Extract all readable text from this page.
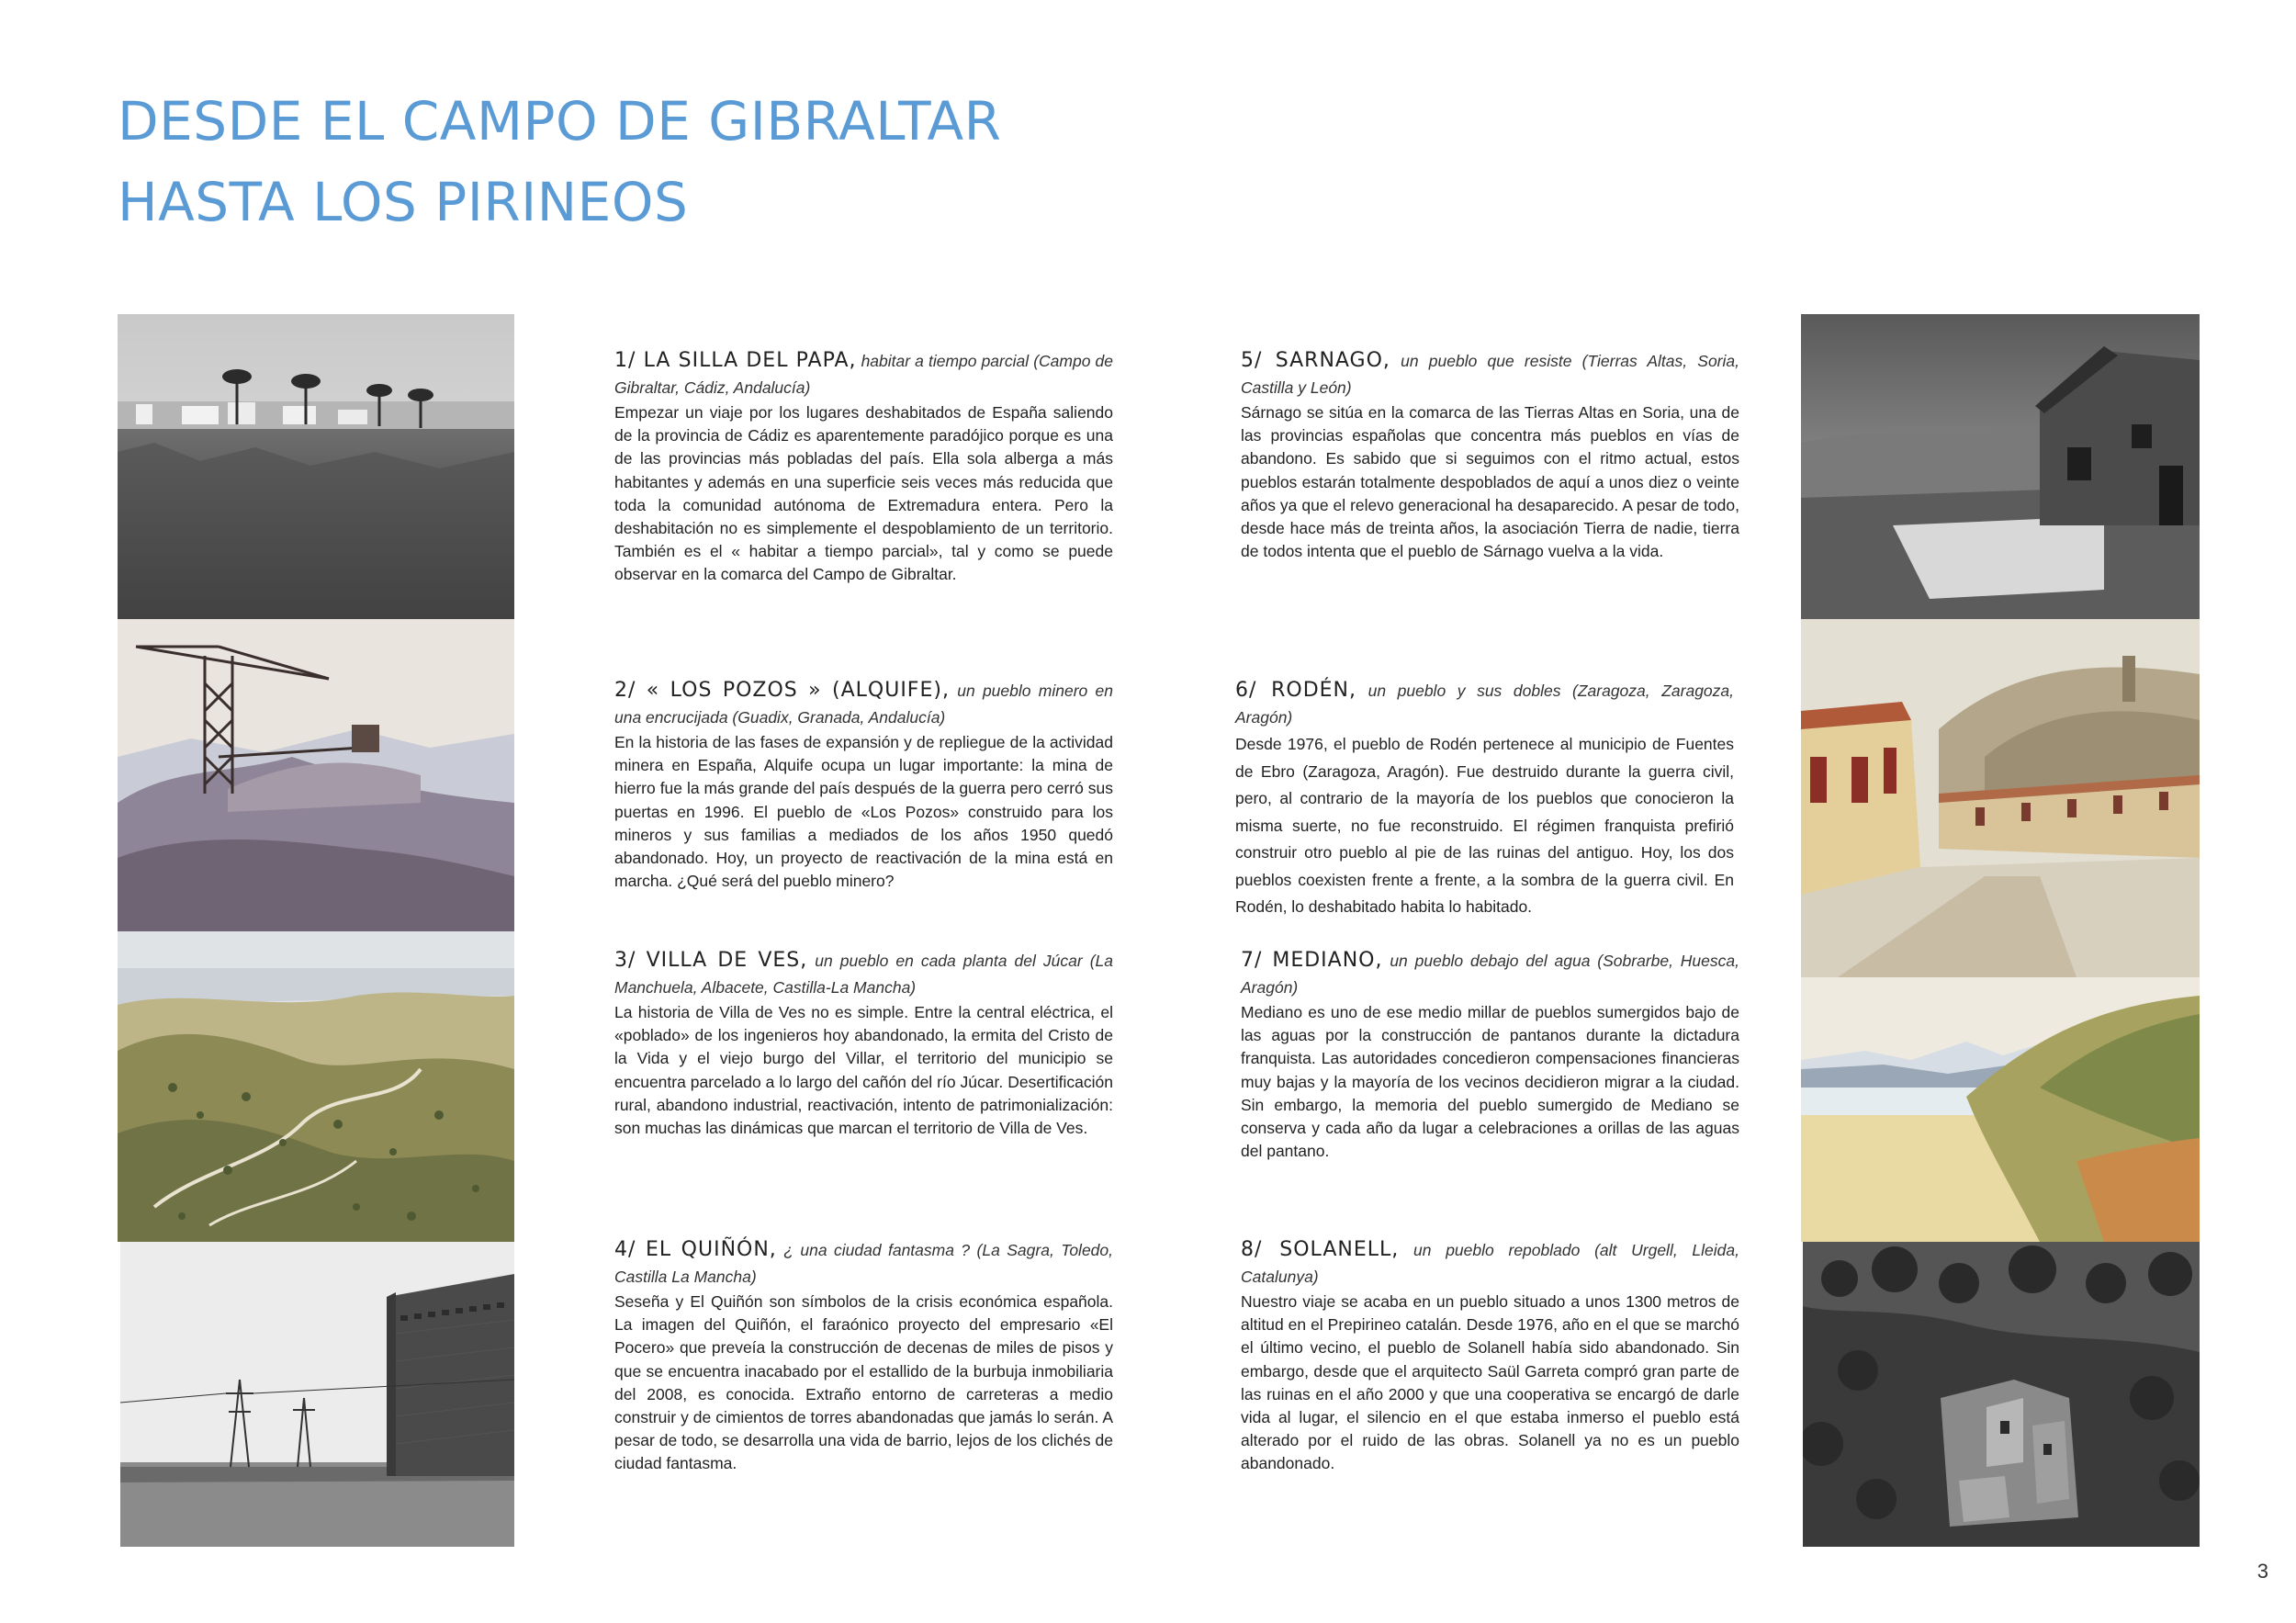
DESDE EL CAMPO DE GIBRALTAR
HASTA LOS PIRINEOS

1/ LA SILLA DEL PAPA, habitar a tiempo parcial (Campo de Gibraltar, Cádiz, Andalucía)

Empezar un viaje por los lugares deshabitados de España saliendo de la provincia de Cádiz es aparentemente paradójico porque es una de las provincias más pobladas del país. Ella sola alberga a más habitantes y además en una superficie seis veces más reducida que toda la comunidad autónoma de Extremadura entera. Pero la deshabitación no es simplemente el despoblamiento de un territorio. También es el « habitar a tiempo parcial», tal y como se puede observar en la comarca del Campo de Gibraltar.

2/ « LOS POZOS » (ALQUIFE), un pueblo minero en una encrucijada (Guadix, Granada, Andalucía)

En la historia de las fases de expansión y de repliegue de la actividad minera en España, Alquife ocupa un lugar importante: la mina de hierro fue la más grande del país después de la guerra pero cerró sus puertas en 1996. El pueblo de «Los Pozos» construido para los mineros y sus familias a mediados de los años 1950 quedó abandonado. Hoy, un proyecto de reactivación de la mina está en marcha. ¿Qué será del pueblo minero?

3/ VILLA DE VES, un pueblo en cada planta del Júcar (La Manchuela, Albacete, Castilla-La Mancha)

La historia de Villa de Ves no es simple. Entre la central eléctrica, el «poblado» de los ingenieros hoy abandonado, la ermita del Cristo de la Vida y el viejo burgo del Villar, el territorio del municipio se encuentra parcelado a lo largo del cañón del río Júcar. Desertificación rural, abandono industrial, reactivación, intento de patrimonialización: son muchas las dinámicas que marcan el territorio de Villa de Ves.

4/ EL QUIÑÓN, ¿ una ciudad fantasma ? (La Sagra, Toledo, Castilla La Mancha)

Seseña y El Quiñón son símbolos de la crisis económica española. La imagen del Quiñón, el faraónico proyecto del empresario «El Pocero» que preveía la construcción de decenas de miles de pisos y que se encuentra inacabado por el estallido de la burbuja inmobiliaria del 2008, es conocida. Extraño entorno de carreteras a medio construir y de cimientos de torres abandonadas que jamás lo serán. A pesar de todo, se desarrolla una vida de barrio, lejos de los clichés de ciudad fantasma.

5/ SARNAGO, un pueblo que resiste (Tierras Altas, Soria, Castilla y León)

Sárnago se sitúa en la comarca de las Tierras Altas en Soria, una de las provincias españolas que concentra más pueblos en vías de abandono. Es sabido que si seguimos con el ritmo actual, estos pueblos estarán totalmente despoblados de aquí a unos diez o veinte años ya que el relevo generacional ha desaparecido. A pesar de todo, desde hace más de treinta años, la asociación Tierra de nadie, tierra de todos intenta que el pueblo de Sárnago vuelva a la vida.

6/ RODÉN, un pueblo y sus dobles (Zaragoza, Zaragoza, Aragón)

Desde 1976, el pueblo de Rodén pertenece al municipio de Fuentes de Ebro (Zaragoza, Aragón). Fue destruido durante la guerra civil, pero, al contrario de la mayoría de los pueblos que conocieron la misma suerte, no fue reconstruido. El régimen franquista prefirió construir otro pueblo al pie de las ruinas del antiguo. Hoy, los dos pueblos coexisten frente a frente, a la sombra de la guerra civil. En Rodén, lo deshabitado habita lo habitado.

7/ MEDIANO, un pueblo debajo del agua (Sobrarbe, Huesca, Aragón)

Mediano es uno de ese medio millar de pueblos sumergidos bajo de las aguas por la construcción de pantanos durante la dictadura franquista. Las autoridades concedieron compensaciones financieras muy bajas y la mayoría de los vecinos decidieron migrar a la ciudad. Sin embargo, la memoria del pueblo sumergido de Mediano se conserva y cada año da lugar a celebraciones a orillas de las aguas del pantano.

8/ SOLANELL, un pueblo repoblado (alt Urgell, Lleida, Catalunya)

Nuestro viaje se acaba en un pueblo situado a unos 1300 metros de altitud en el Prepirineo catalán. Desde 1976, año en el que se marchó el último vecino, el pueblo de Solanell había sido abandonado. Sin embargo, desde que el arquitecto Saül Garreta compró gran parte de las ruinas en el año 2000 y que una cooperativa se encargó de darle vida al lugar, el silencio en el que estaba inmerso el pueblo está alterado por el ruido de las obras. Solanell ya no es un pueblo abandonado.

3
